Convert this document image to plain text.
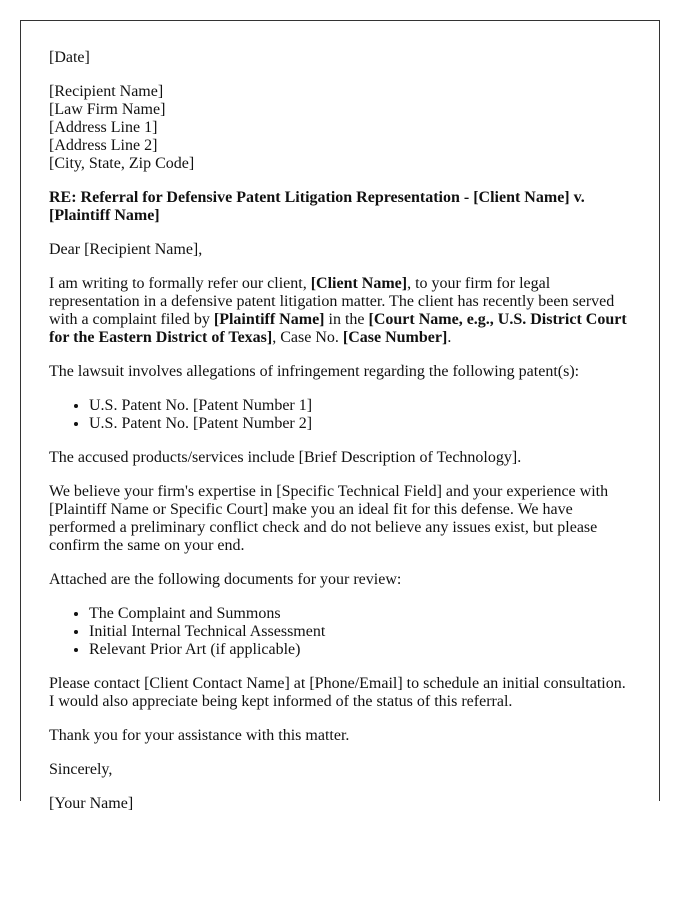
[Date]

[Recipient Name]
[Law Firm Name]
[Address Line 1]
[Address Line 2]
[City, State, Zip Code]

RE: Referral for Defensive Patent Litigation Representation - [Client Name] v. [Plaintiff Name]

Dear [Recipient Name],

I am writing to formally refer our client, [Client Name], to your firm for legal representation in a defensive patent litigation matter. The client has recently been served with a complaint filed by [Plaintiff Name] in the [Court Name, e.g., U.S. District Court for the Eastern District of Texas], Case No. [Case Number].

The lawsuit involves allegations of infringement regarding the following patent(s):

• U.S. Patent No. [Patent Number 1]
• U.S. Patent No. [Patent Number 2]

The accused products/services include [Brief Description of Technology].

We believe your firm's expertise in [Specific Technical Field] and your experience with [Plaintiff Name or Specific Court] make you an ideal fit for this defense. We have performed a preliminary conflict check and do not believe any issues exist, but please confirm the same on your end.

Attached are the following documents for your review:

• The Complaint and Summons
• Initial Internal Technical Assessment
• Relevant Prior Art (if applicable)

Please contact [Client Contact Name] at [Phone/Email] to schedule an initial consultation. I would also appreciate being kept informed of the status of this referral.

Thank you for your assistance with this matter.

Sincerely,

[Your Name]
